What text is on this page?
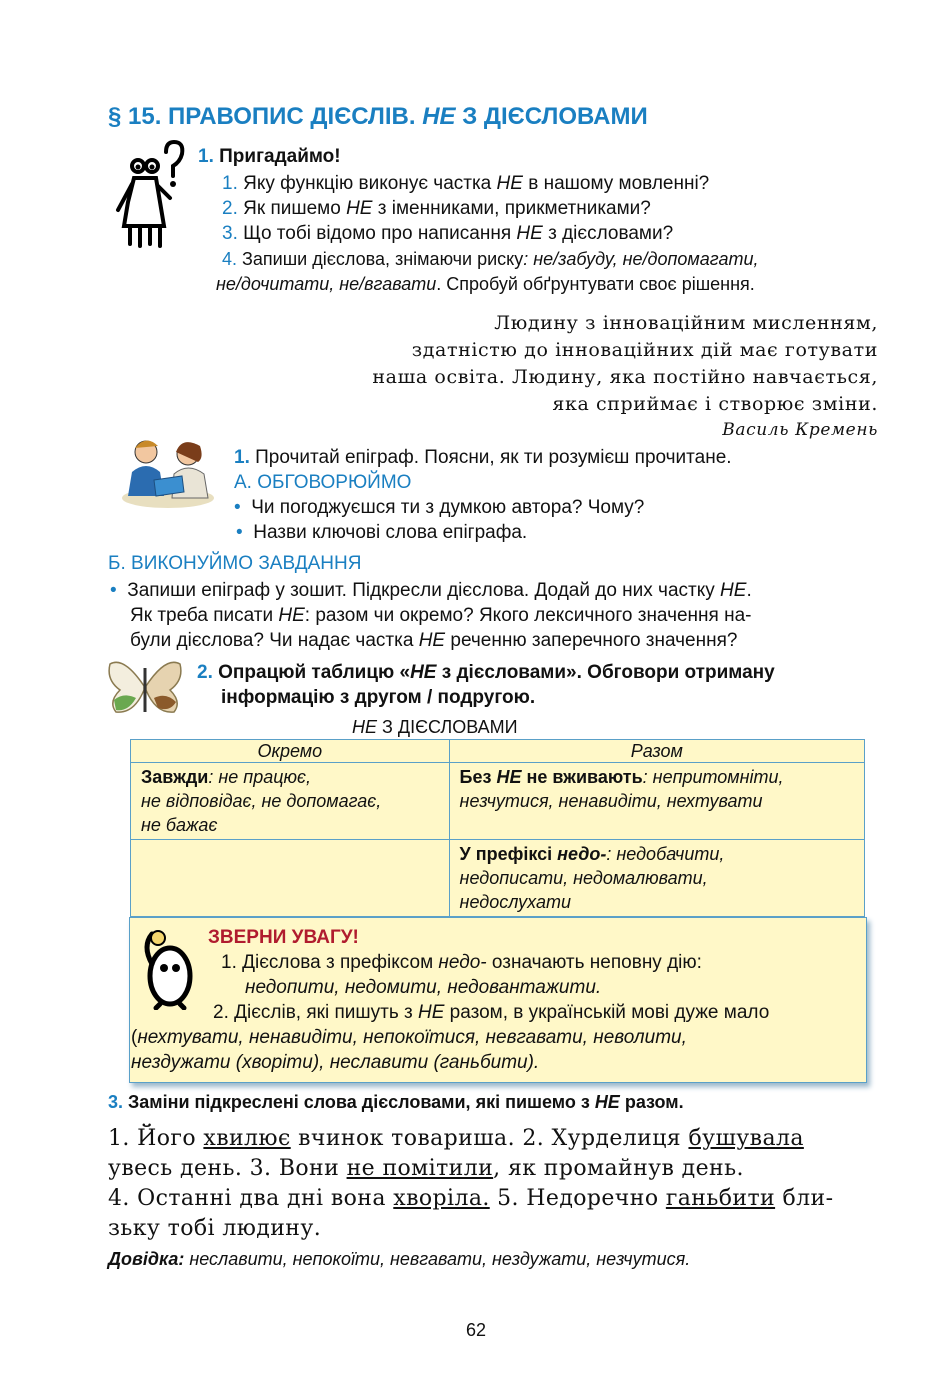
§ 15. ПРАВОПИС ДІЄСЛІВ. НЕ З ДІЄСЛОВАМИ
1. Пригадаймо!
1. Яку функцію виконує частка НЕ в нашому мовленні?
2. Як пишемо НЕ з іменниками, прикметниками?
3. Що тобі відомо про написання НЕ з дієсловами?
4. Запиши дієслова, знімаючи риску: не/забуду, не/допомагати,
не/дочитати, не/вгавати. Спробуй обґрунтувати своє рішення.
Людину з інноваційним мисленням,
здатністю до інноваційних дій має готувати
наша освіта. Людину, яка постійно навчається,
яка сприймає і створює зміни.
Василь Кремень
1. Прочитай епіграф. Поясни, як ти розумієш прочитане.
А. ОБГОВОРЮЙМО
• Чи погоджуєшся ти з думкою автора? Чому?
• Назви ключові слова епіграфа.
Б. ВИКОНУЙМО ЗАВДАННЯ
• Запиши епіграф у зошит. Підкресли дієслова. Додай до них частку НЕ.
Як треба писати НЕ: разом чи окремо? Якого лексичного значення на-
були дієслова? Чи надає частка НЕ реченню заперечного значення?
2. Опрацюй таблицю «НЕ з дієсловами». Обговори отриману
інформацію з другом / подругою.
НЕ З ДІЄСЛОВАМИ
Окремо	Разом
Завжди: не працює,
не відповідає, не допомагає,
не бажає	Без НЕ не вживають: непритомніти,
незчутися, ненавидіти, нехтувати
	У префіксі недо-: недобачити,
недописати, недомалювати,
недослухати
ЗВЕРНИ УВАГУ!
1. Дієслова з префіксом недо- означають неповну дію:
недопити, недомити, недовантажити.
2. Дієслів, які пишуть з НЕ разом, в українській мові дуже мало
(нехтувати, ненавидіти, непокоїтися, невгавати, неволити,
нездужати (хворіти), неславити (ганьбити).
3. Заміни підкреслені слова дієсловами, які пишемо з НЕ разом.
1. Його хвилює вчинок товариша. 2. Хурделиця бушувала
увесь день. 3. Вони не помітили, як промайнув день.
4. Останні два дні вона хворіла. 5. Недоречно ганьбити бли-
зьку тобі людину.
Довідка: неславити, непокоїти, невгавати, нездужати, незчутися.
62
